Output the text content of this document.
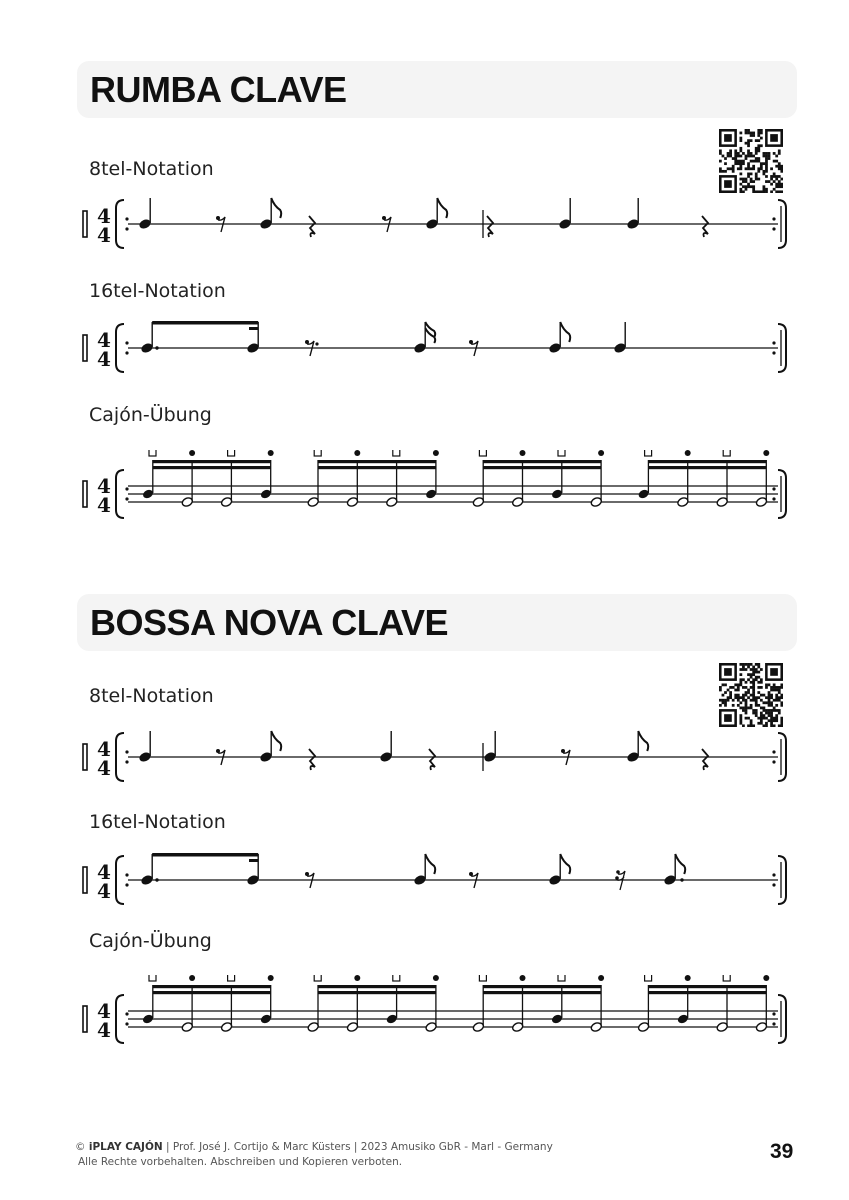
RUMBA CLAVE
8tel-Notation
4
4
16tel-Notation
4
4
Cajón-Übung
4
4
BOSSA NOVA CLAVE
8tel-Notation
4
4
16tel-Notation
4
4
Cajón-Übung
4
4
© iPLAY CAJÓN | Prof. José J. Cortijo & Marc Küsters | 2023 Amusiko GbR - Marl - Germany
Alle Rechte vorbehalten. Abschreiben und Kopieren verboten.	39
